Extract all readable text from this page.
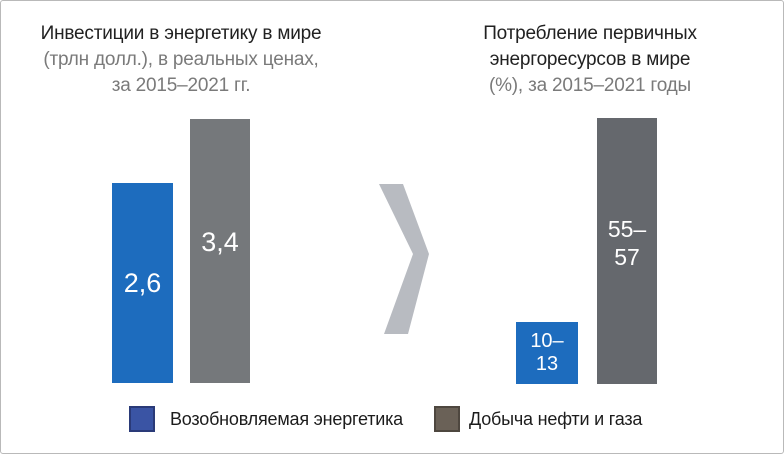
Инвестиции в энергетику в мире
(трлн долл.), в реальных ценах,
за 2015–2021 гг.
Потребление первичных
энергоресурсов в мире
(%), за 2015–2021 годы
2,6
3,4
10–
13
55–
57
Возобновляемая энергетика	Добыча нефти и газа
